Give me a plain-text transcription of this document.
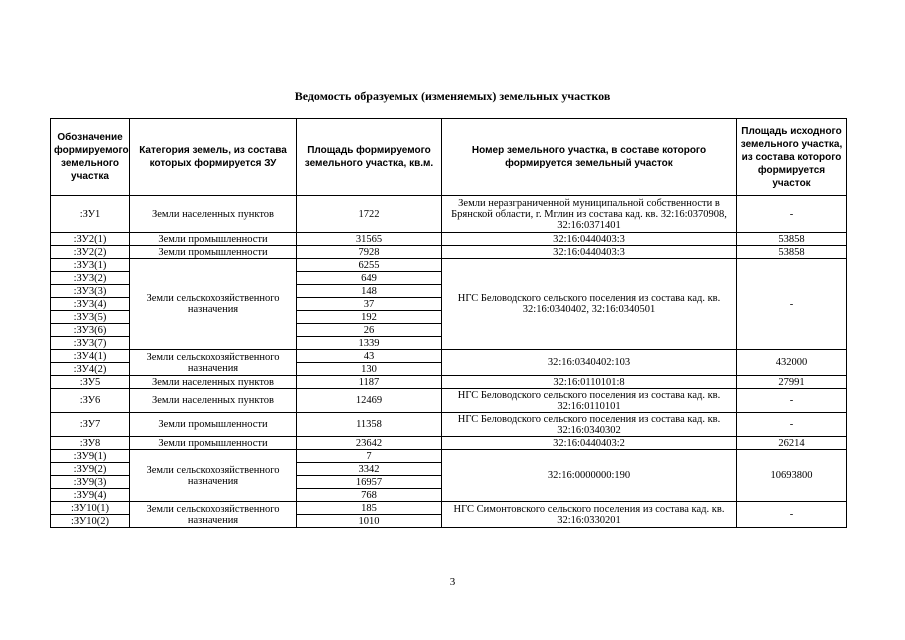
Ведомость образуемых (изменяемых) земельных участков
Обозначение формируемого земельного участка	Категория земель, из состава которых формируется ЗУ	Площадь формируемого земельного участка, кв.м.	Номер земельного участка, в составе которого формируется земельный участок	Площадь исходного земельного участка, из состава которого формируется участок
:ЗУ1	Земли населенных пунктов	1722	Земли неразграниченной муниципальной собственности в Брянской области, г. Мглин из состава кад. кв. 32:16:0370908, 32:16:0371401	-
:ЗУ2(1)	Земли промышленности	31565	32:16:0440403:3	53858
:ЗУ2(2)	Земли промышленности	7928	32:16:0440403:3	53858
:ЗУ3(1)	Земли сельскохозяйственного назначения	6255	НГС Беловодского сельского поселения из состава кад. кв. 32:16:0340402, 32:16:0340501	-
:ЗУ3(2)		649		
:ЗУ3(3)		148		
:ЗУ3(4)		37		
:ЗУ3(5)		192		
:ЗУ3(6)		26		
:ЗУ3(7)		1339		
:ЗУ4(1)	Земли сельскохозяйственного назначения	43	32:16:0340402:103	432000
:ЗУ4(2)		130		
:ЗУ5	Земли населенных пунктов	1187	32:16:0110101:8	27991
:ЗУ6	Земли населенных пунктов	12469	НГС Беловодского сельского поселения из состава кад. кв. 32:16:0110101	-
:ЗУ7	Земли промышленности	11358	НГС Беловодского сельского поселения из состава кад. кв. 32:16:0340302	-
:ЗУ8	Земли промышленности	23642	32:16:0440403:2	26214
:ЗУ9(1)	Земли сельскохозяйственного назначения	7	32:16:0000000:190	10693800
:ЗУ9(2)		3342		
:ЗУ9(3)		16957		
:ЗУ9(4)		768		
:ЗУ10(1)	Земли сельскохозяйственного назначения	185	НГС Симонтовского сельского поселения из состава кад. кв. 32:16:0330201	-
:ЗУ10(2)		1010		
3
